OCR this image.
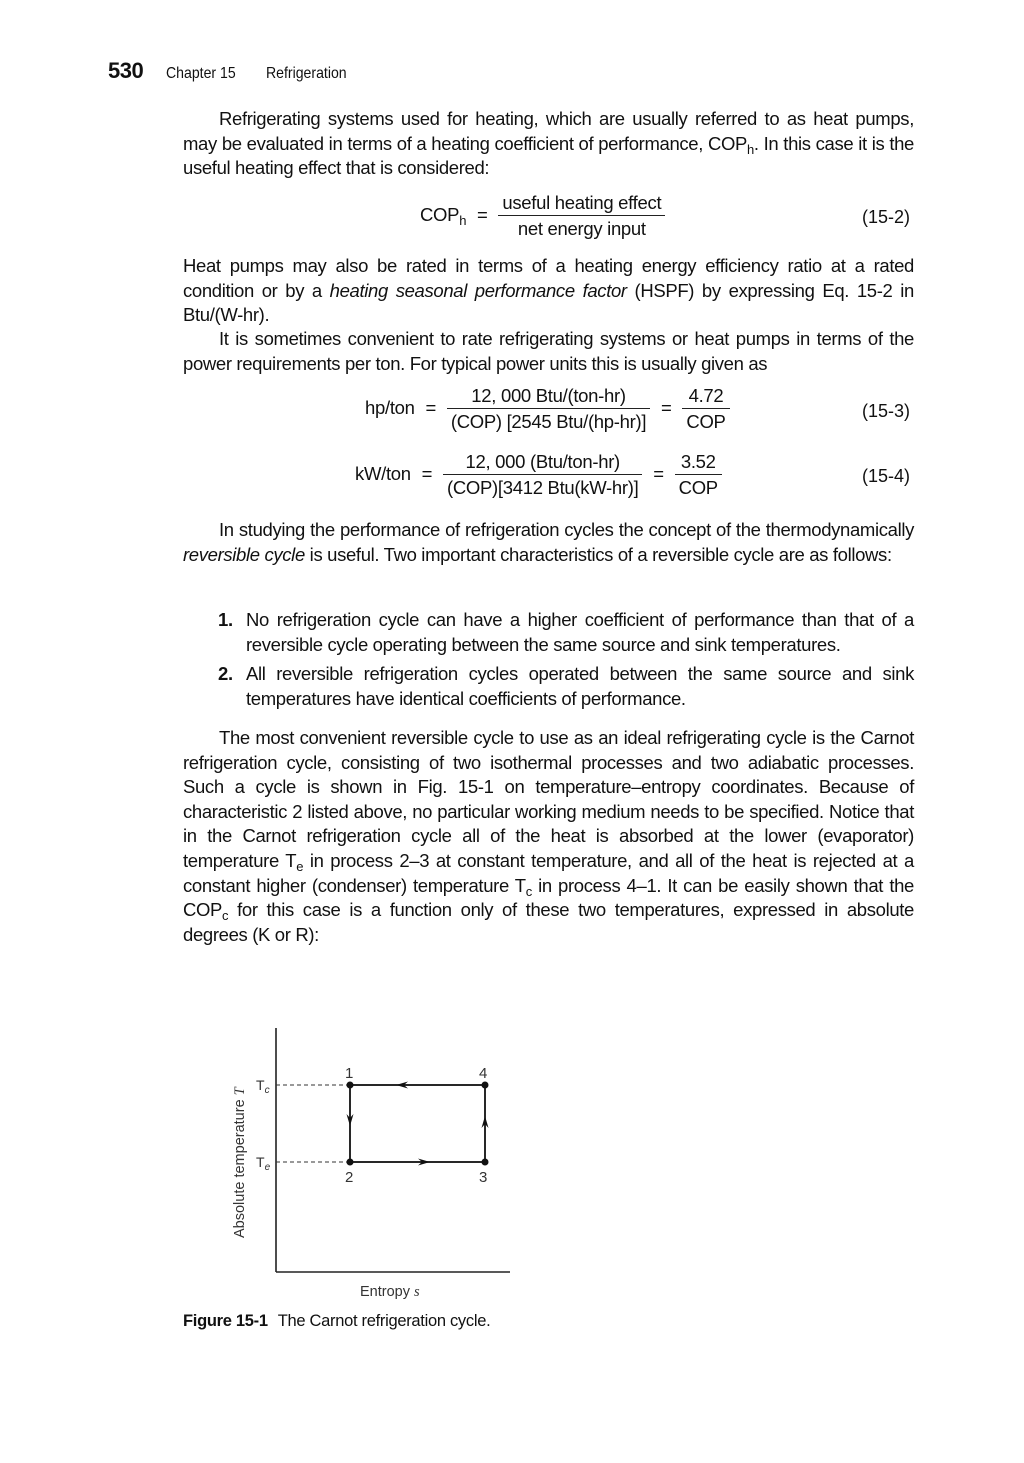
530 Chapter 15 Refrigeration

Refrigerating systems used for heating, which are usually referred to as heat pumps, may be evaluated in terms of a heating coefficient of performance, $COP_h$. In this case it is the useful heating effect that is considered:

$COP_h = \frac{\text{useful heating effect}}{\text{net energy input}}$	(15-2)

Heat pumps may also be rated in terms of a heating energy efficiency ratio at a rated condition or by a heating seasonal performance factor (HSPF) by expressing Eq. 15-2 in Btu/(W-hr).

It is sometimes convenient to rate refrigerating systems or heat pumps in terms of the power requirements per ton. For typical power units this is usually given as

$hp/ton = \frac{\text{12, 000 Btu/(ton-hr)}}{\text{(COP) [2545 Btu/(hp-hr)]}} = \frac{4.72}{\text{COP}}$	(15-3)
$kW/ton = \frac{\text{12, 000 (Btu/ton-hr)}}{\text{(COP)[3412 Btu(kW-hr)]}} = \frac{3.52}{\text{COP}}$	(15-4)

In studying the performance of refrigeration cycles the concept of the thermodynamically reversible cycle is useful. Two important characteristics of a reversible cycle are as follows:

1. No refrigeration cycle can have a higher coefficient of performance than that of a reversible cycle operating between the same source and sink temperatures.
2. All reversible refrigeration cycles operated between the same source and sink temperatures have identical coefficients of performance.

The most convenient reversible cycle to use as an ideal refrigerating cycle is the Carnot refrigeration cycle, consisting of two isothermal processes and two adiabatic processes. Such a cycle is shown in Fig. 15-1 on temperature–entropy coordinates. Because of characteristic 2 listed above, no particular working medium needs to be specified. Notice that in the Carnot refrigeration cycle all of the heat is absorbed at the lower (evaporator) temperature $T_e$ in process 2–3 at constant temperature, and all of the heat is rejected at a constant higher (condenser) temperature $T_c$ in process 4–1. It can be easily shown that the $COP_c$ for this case is a function only of these two temperatures, expressed in absolute degrees (K or R):

1
2	3
4
$T_c$
$T_e$
Absolute temperature T
Entropy s
Figure 15-1 The Carnot refrigeration cycle.
